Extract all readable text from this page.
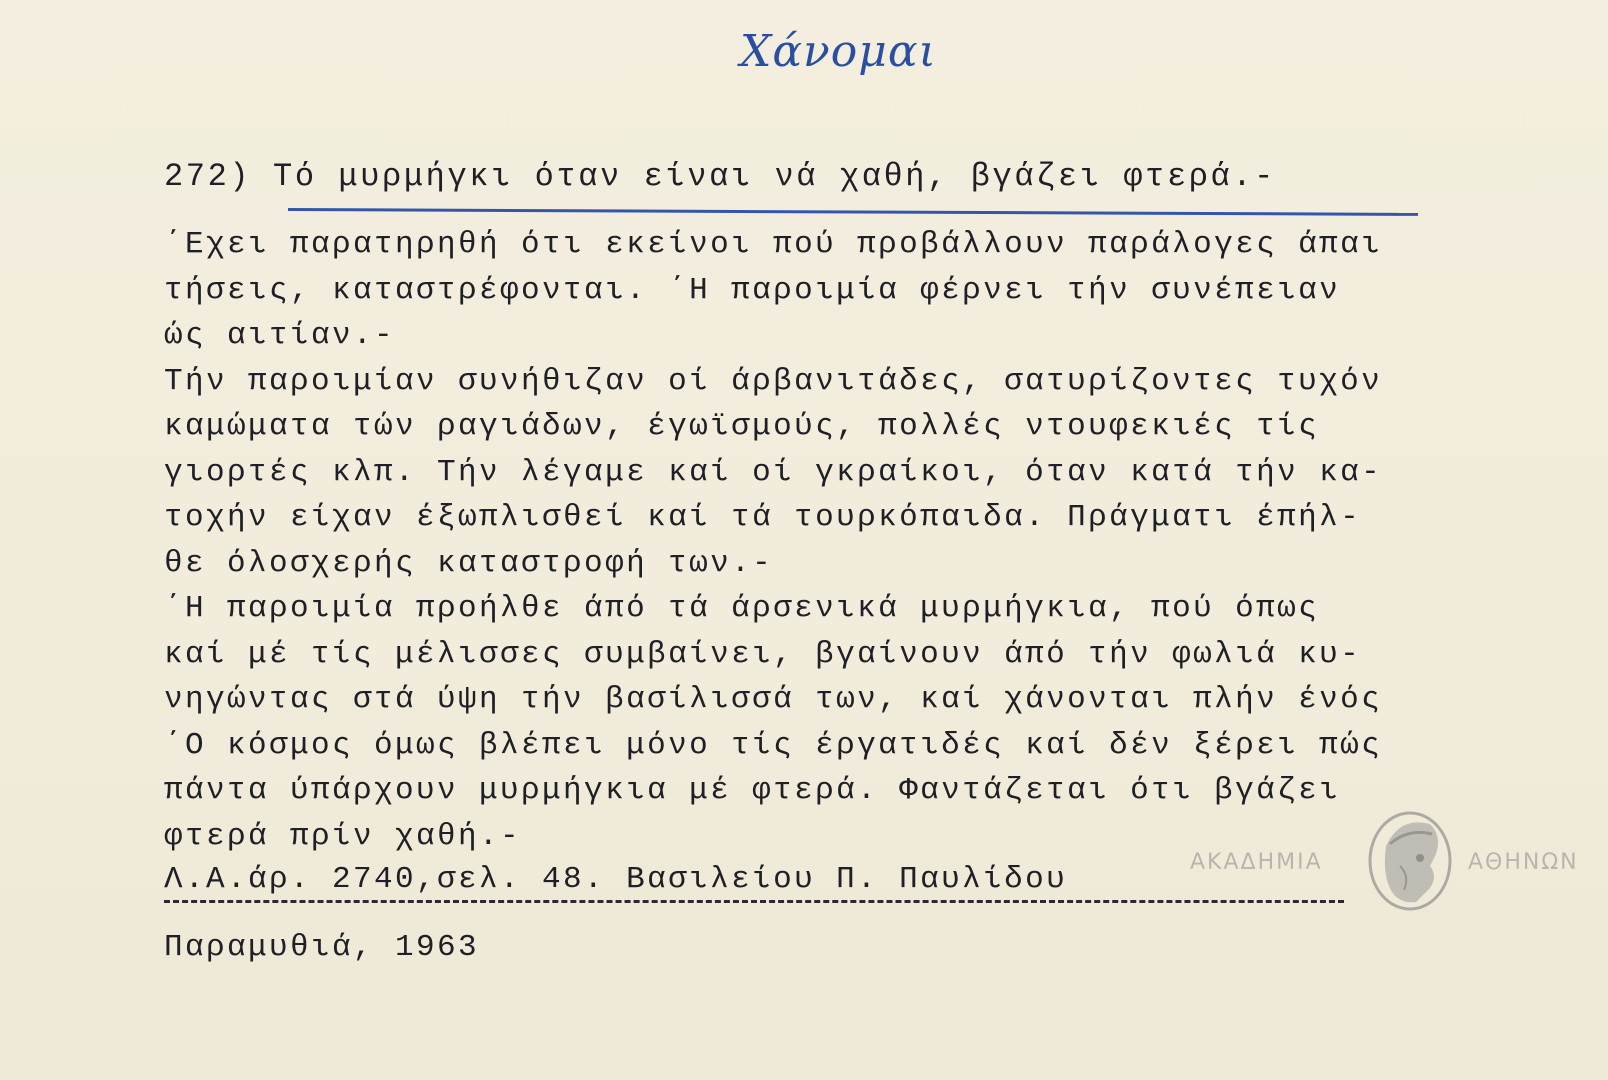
Χάνομαι
272) Τό μυρμήγκι όταν είναι νά χαθή, βγάζει φτερά.-
΄Εχει παρατηρηθή ότι εκείνοι πού προβάλλουν παράλογες άπαι
τήσεις, καταστρέφονται. ΄Η παροιμία φέρνει τήν συνέπειαν
ώς αιτίαν.-
Τήν παροιμίαν συνήθιζαν οί άρβανιτάδες, σατυρίζοντες τυχόν
καμώματα τών ραγιάδων, έγωϊσμούς, πολλές ντουφεκιές τίς
γιορτές κλπ. Τήν λέγαμε καί οί γκραίκοι, όταν κατά τήν κα-
τοχήν είχαν έξωπλισθεί καί τά τουρκόπαιδα. Πράγματι έπήλ-
θε όλοσχερής καταστροφή των.-
΄Η παροιμία προήλθε άπό τά άρσενικά μυρμήγκια, πού όπως
καί μέ τίς μέλισσες συμβαίνει, βγαίνουν άπό τήν φωλιά κυ-
νηγώντας στά ύψη τήν βασίλισσά των, καί χάνονται πλήν ένός
΄Ο κόσμος όμως βλέπει μόνο τίς έργατιδές καί δέν ξέρει πώς
πάντα ύπάρχουν μυρμήγκια μέ φτερά. Φαντάζεται ότι βγάζει
φτερά πρίν χαθή.-
Λ.Α.άρ. 2740,σελ. 48. Βασιλείου Π. Παυλίδου
Παραμυθιά, 1963
ΑΚΑΔΗΜΙΑ	ΑΘΗΝΩΝ
